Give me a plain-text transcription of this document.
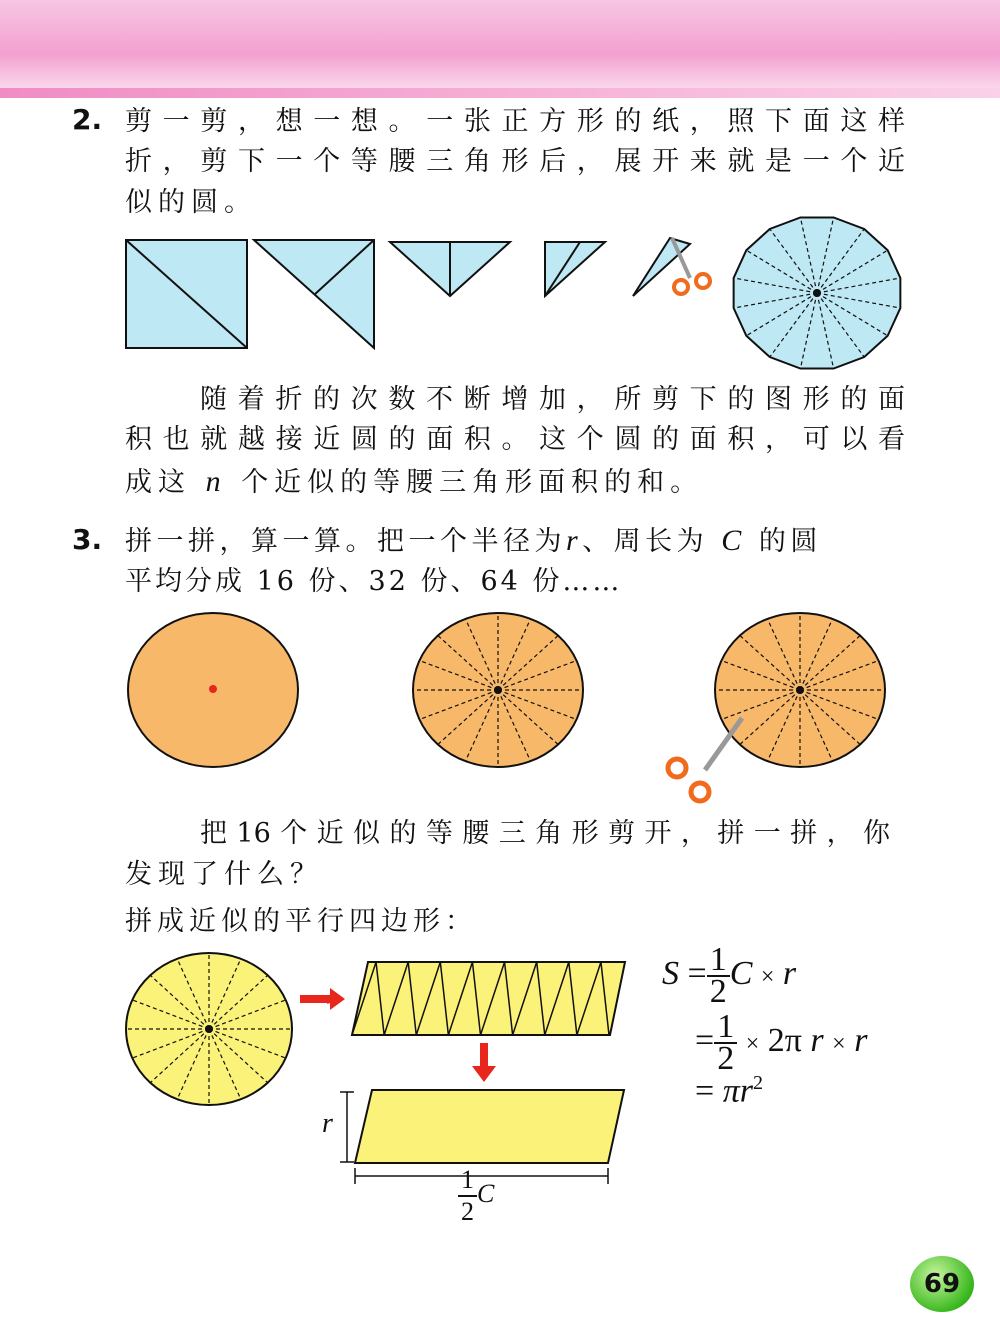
2. 剪一剪，想一想。一张正方形的纸，照下面这样
折，剪下一个等腰三角形后，展开来就是一个近
似的圆。
随着折的次数不断增加，所剪下的图形的面
积也就越接近圆的面积。这个圆的面积，可以看
成这 n 个近似的等腰三角形面积的和。
3. 拼一拼，算一算。把一个半径为r、周长为 C 的圆
平均分成 16 份、32 份、64 份……
把16个近似的等腰三角形剪开，拼一拼，你
发现了什么？
拼成近似的平行四边形：
r
$\frac{1}{2}$ C
$S = \frac{1}{2}$ C × r
= $\frac{1}{2} \times 2\pi$ r × r
= $\pi r^2$
69
